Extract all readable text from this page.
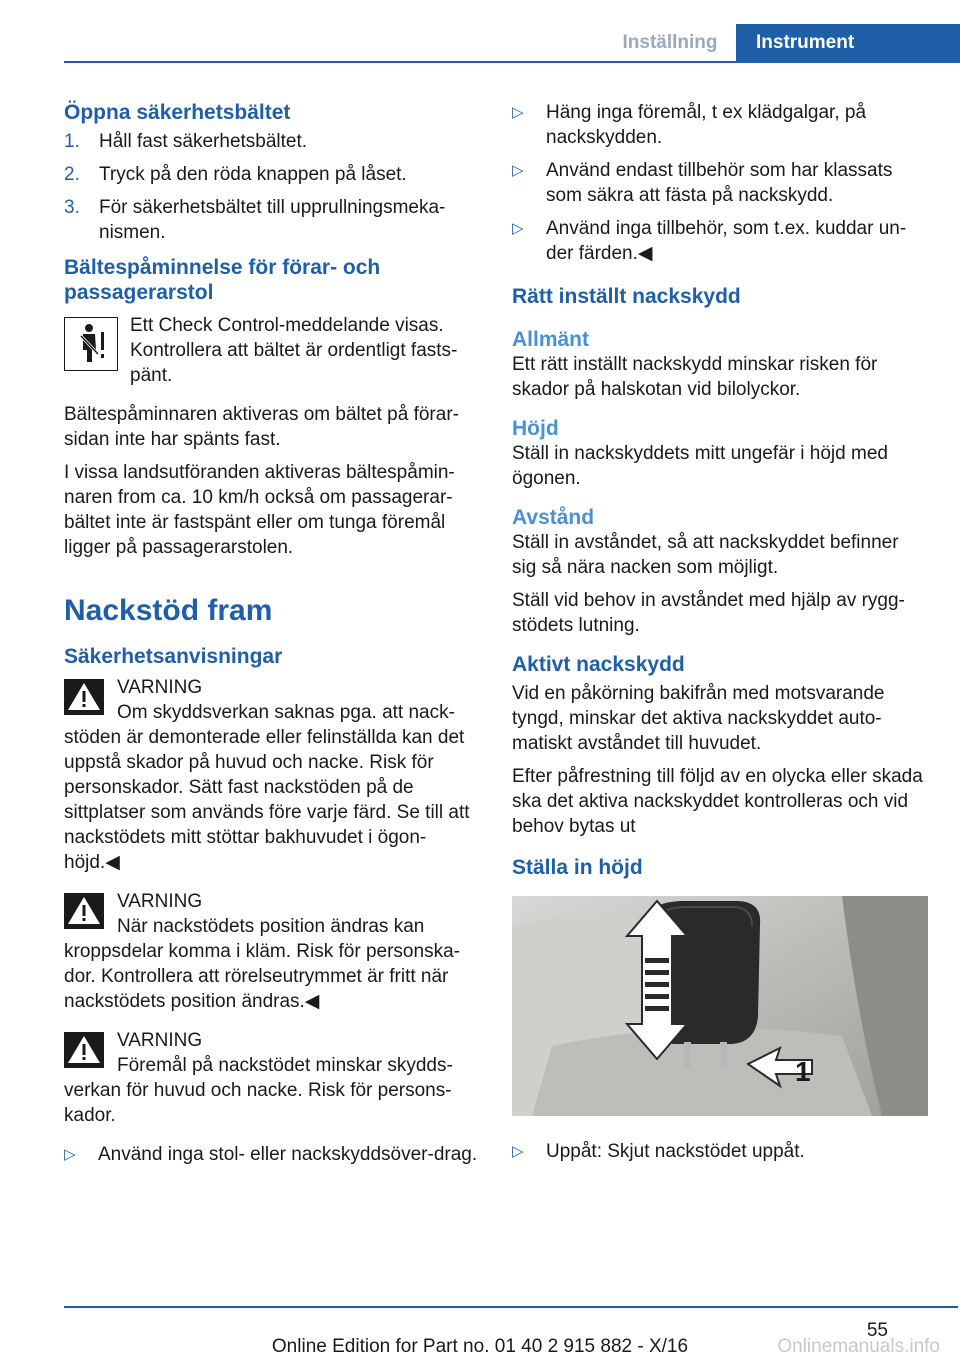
Inställning	Instrument
Öppna säkerhetsbältet
1. Håll fast säkerhetsbältet.
2. Tryck på den röda knappen på låset.
3. För säkerhetsbältet till upprullningsmeka-nismen.
Bältespåminnelse för förar- och passagerarstol
Ett Check Control-meddelande visas. Kontrollera att bältet är ordentligt fasts-pänt.

Bältespåminnaren aktiveras om bältet på förar-sidan inte har spänts fast.

I vissa landsutföranden aktiveras bältespåmin-naren from ca. 10 km/h också om passagerar-bältet inte är fastspänt eller om tunga föremål ligger på passagerarstolen.

Nackstöd fram
Säkerhetsanvisningar
VARNING
Om skyddsverkan saknas pga. att nack-stöden är demonterade eller felinställda kan det uppstå skador på huvud och nacke. Risk för personskador. Sätt fast nackstöden på de sittplatser som används före varje färd. Se till att nackstödets mitt stöttar bakhuvudet i ögon-höjd.◀
VARNING
När nackstödets position ändras kan kroppsdelar komma i kläm. Risk för personska-dor. Kontrollera att rörelseutrymmet är fritt när nackstödets position ändras.◀
VARNING
Föremål på nackstödet minskar skydds-verkan för huvud och nacke. Risk för persons-kador.
▷ Använd inga stol- eller nackskyddsöver-drag.
▷ Häng inga föremål, t ex klädgalgar, på nackskydden.
▷ Använd endast tillbehör som har klassats som säkra att fästa på nackskydd.
▷ Använd inga tillbehör, som t.ex. kuddar un-der färden.◀
Rätt inställt nackskydd
Allmänt

Ett rätt inställt nackskydd minskar risken för skador på halskotan vid bilolyckor.

Höjd

Ställ in nackskyddets mitt ungefär i höjd med ögonen.

Avstånd

Ställ in avståndet, så att nackskyddet befinner sig så nära nacken som möjligt.

Ställ vid behov in avståndet med hjälp av rygg-stödets lutning.

Aktivt nackskydd

Vid en påkörning bakifrån med motsvarande tyngd, minskar det aktiva nackskyddet auto-matiskt avståndet till huvudet.

Efter påfrestning till följd av en olycka eller skada ska det aktiva nackskyddet kontrolleras och vid behov bytas ut

Ställa in höjd
1
▷ Uppåt: Skjut nackstödet uppåt.
55
Onlinemanuals.info
Online Edition for Part no. 01 40 2 915 882 - X/16
